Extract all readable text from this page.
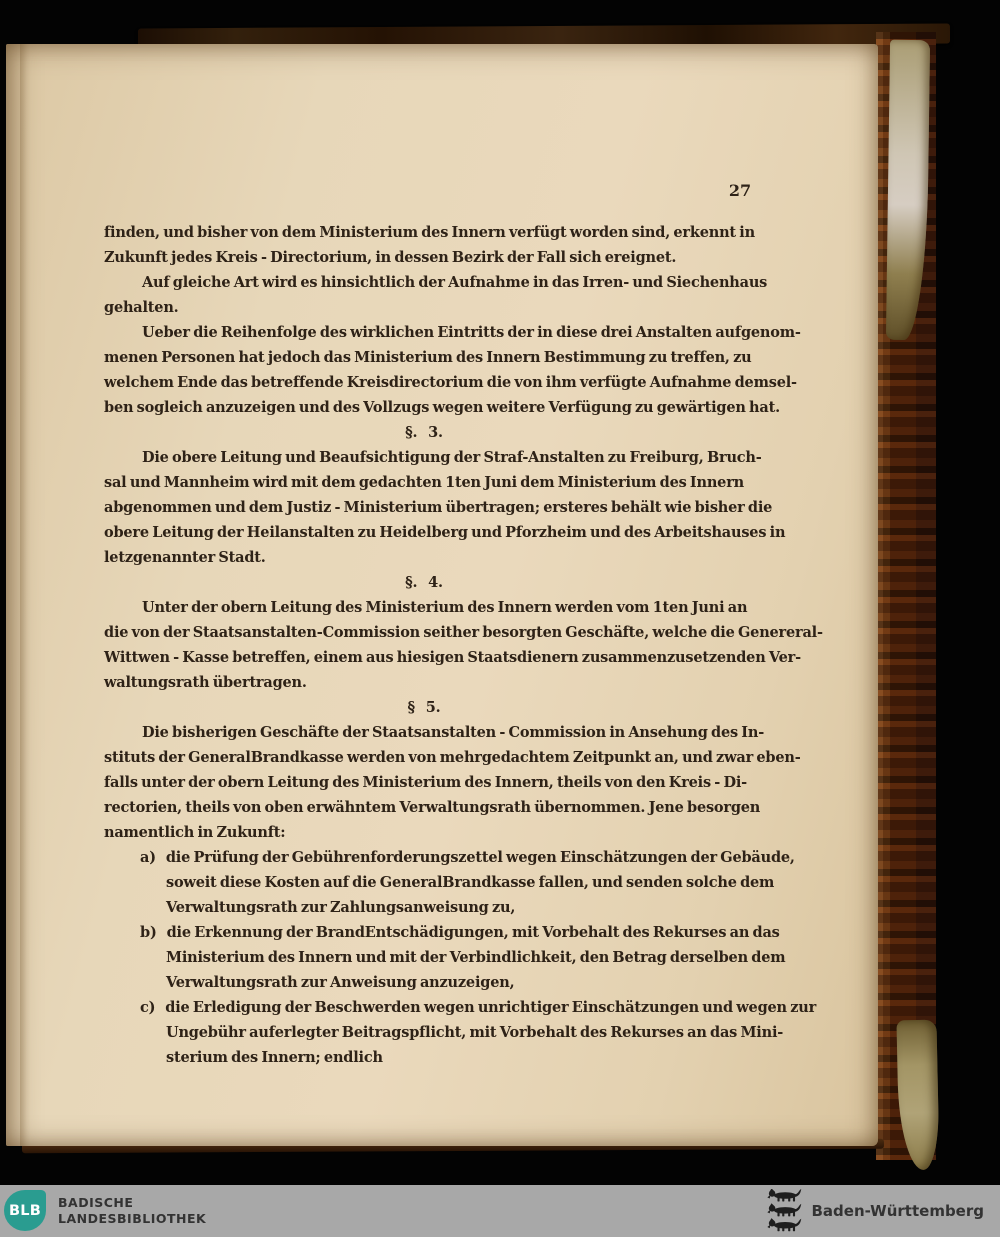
27
finden, und bisher von dem Ministerium des Innern verfügt worden sind, erkennt in
Zukunft jedes Kreis - Directorium, in dessen Bezirk der Fall sich ereignet.
Auf gleiche Art wird es hinsichtlich der Aufnahme in das Irren- und Siechenhaus
gehalten.
Ueber die Reihenfolge des wirklichen Eintritts der in diese drei Anstalten aufgenom-
menen Personen hat jedoch das Ministerium des Innern Bestimmung zu treffen, zu
welchem Ende das betreffende Kreisdirectorium die von ihm verfügte Aufnahme demsel-
ben sogleich anzuzeigen und des Vollzugs wegen weitere Verfügung zu gewärtigen hat.
§. 3.
Die obere Leitung und Beaufsichtigung der Straf-Anstalten zu Freiburg, Bruch-
sal und Mannheim wird mit dem gedachten 1ten Juni dem Ministerium des Innern
abgenommen und dem Justiz - Ministerium übertragen; ersteres behält wie bisher die
obere Leitung der Heilanstalten zu Heidelberg und Pforzheim und des Arbeitshauses in
letzgenannter Stadt.
§. 4.
Unter der obern Leitung des Ministerium des Innern werden vom 1ten Juni an
die von der Staatsanstalten-Commission seither besorgten Geschäfte, welche die Genereral-
Wittwen - Kasse betreffen, einem aus hiesigen Staatsdienern zusammenzusetzenden Ver-
waltungsrath übertragen.
§ 5.
Die bisherigen Geschäfte der Staatsanstalten - Commission in Ansehung des In-
stituts der GeneralBrandkasse werden von mehrgedachtem Zeitpunkt an, und zwar eben-
falls unter der obern Leitung des Ministerium des Innern, theils von den Kreis - Di-
rectorien, theils von oben erwähntem Verwaltungsrath übernommen. Jene besorgen
namentlich in Zukunft:
a) die Prüfung der Gebührenforderungszettel wegen Einschätzungen der Gebäude,
soweit diese Kosten auf die GeneralBrandkasse fallen, und senden solche dem
Verwaltungsrath zur Zahlungsanweisung zu,
b) die Erkennung der BrandEntschädigungen, mit Vorbehalt des Rekurses an das
Ministerium des Innern und mit der Verbindlichkeit, den Betrag derselben dem
Verwaltungsrath zur Anweisung anzuzeigen,
c) die Erledigung der Beschwerden wegen unrichtiger Einschätzungen und wegen zur
Ungebühr auferlegter Beitragspflicht, mit Vorbehalt des Rekurses an das Mini-
sterium des Innern; endlich
BLB
BADISCHE
LANDESBIBLIOTHEK	Baden-Württemberg
